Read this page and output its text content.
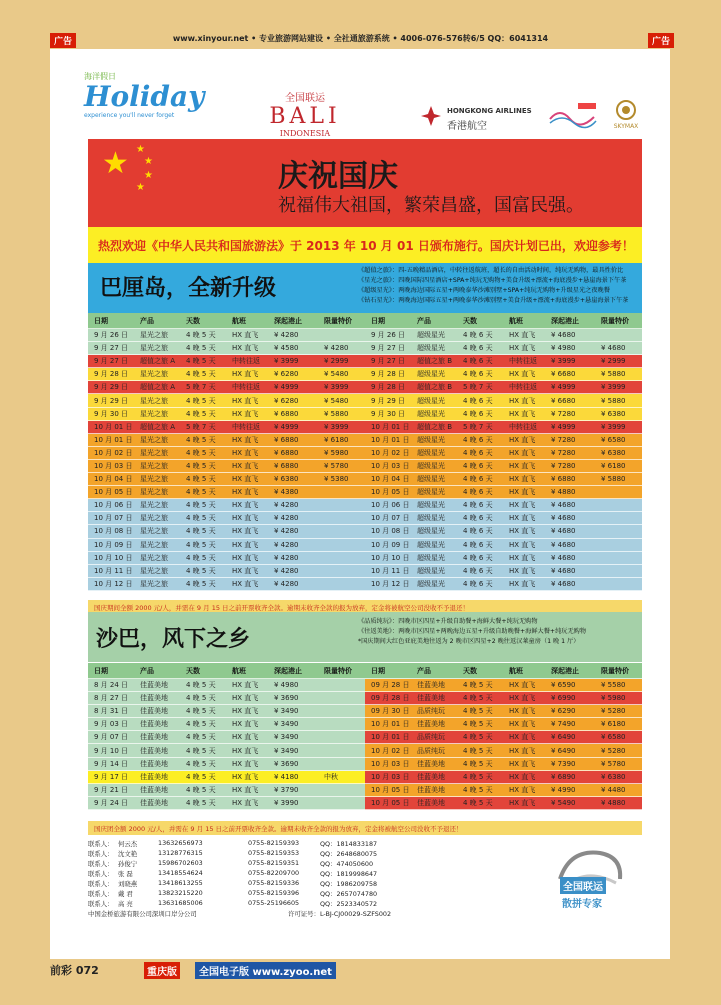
广告	www.xinyour.net • 专业旅游网站建设 • 全社通旅游系统 • 4006-076-576转6/5 QQ：6041314	广告
海洋假日
Holiday
experience you'll never forget
全国联运
BALI
INDONESIA
HONGKONG AIRLINES
香港航空	SKYMAX
★ ★
★
★
★	庆祝国庆
祝福伟大祖国，繁荣昌盛，国富民强。
热烈欢迎《中华人民共和国旅游法》于 2013 年 10 月 01 日颁布施行。国庆计划已出，欢迎参考！
巴厘岛，全新升级
《超值之旅》：四-五晚精品酒店，中转往返航班，超长的自由活动时间，纯玩无购物，最具性价比
《星光之旅》：四晚国际四星酒店+SPA+纯玩无购物+美食升级+漂流+海底漫步+悬崖海景下午茶
《超级星光》：两晚海边国际五星+两晚泰华沙滩别墅+SPA+纯玩无购物+升级星光之夜晚餐
《钻石星光》：两晚海边国际五星+两晚泰华沙滩别墅+美食升级+漂流+海底漫步+悬崖海景下午茶
日期	产品	天数	航班	深起港止	限量特价
9 月 26 日	星光之旅	4 晚 5 天	HX 直飞	¥ 4280
9 月 27 日	星光之旅	4 晚 5 天	HX 直飞	¥ 4580	¥ 4280
9 月 27 日	超值之旅 A	4 晚 5 天	中转往返	¥ 3999	¥ 2999
9 月 28 日	星光之旅	4 晚 5 天	HX 直飞	¥ 6280	¥ 5480
9 月 29 日	超值之旅 A	5 晚 7 天	中转往返	¥ 4999	¥ 3999
9 月 29 日	星光之旅	4 晚 5 天	HX 直飞	¥ 6280	¥ 5480
9 月 30 日	星光之旅	4 晚 5 天	HX 直飞	¥ 6880	¥ 5880
10 月 01 日	超值之旅 A	5 晚 7 天	中转往返	¥ 4999	¥ 3999
10 月 01 日	星光之旅	4 晚 5 天	HX 直飞	¥ 6880	¥ 6180
10 月 02 日	星光之旅	4 晚 5 天	HX 直飞	¥ 6880	¥ 5980
10 月 03 日	星光之旅	4 晚 5 天	HX 直飞	¥ 6880	¥ 5780
10 月 04 日	星光之旅	4 晚 5 天	HX 直飞	¥ 6380	¥ 5380
10 月 05 日	星光之旅	4 晚 5 天	HX 直飞	¥ 4380
10 月 06 日	星光之旅	4 晚 5 天	HX 直飞	¥ 4280
10 月 07 日	星光之旅	4 晚 5 天	HX 直飞	¥ 4280
10 月 08 日	星光之旅	4 晚 5 天	HX 直飞	¥ 4280
10 月 09 日	星光之旅	4 晚 5 天	HX 直飞	¥ 4280
10 月 10 日	星光之旅	4 晚 5 天	HX 直飞	¥ 4280
10 月 11 日	星光之旅	4 晚 5 天	HX 直飞	¥ 4280
10 月 12 日	星光之旅	4 晚 5 天	HX 直飞	¥ 4280
日期	产品	天数	航班	深起港止	限量特价
9 月 26 日	超级星光	4 晚 6 天	HX 直飞	¥ 4680
9 月 27 日	超级星光	4 晚 6 天	HX 直飞	¥ 4980	¥ 4680
9 月 27 日	超值之旅 B	4 晚 6 天	中转往返	¥ 3999	¥ 2999
9 月 28 日	超级星光	4 晚 6 天	HX 直飞	¥ 6680	¥ 5880
9 月 28 日	超值之旅 B	5 晚 7 天	中转往返	¥ 4999	¥ 3999
9 月 29 日	超级星光	4 晚 6 天	HX 直飞	¥ 6680	¥ 5880
9 月 30 日	超级星光	4 晚 6 天	HX 直飞	¥ 7280	¥ 6380
10 月 01 日	超值之旅 B	5 晚 7 天	中转往返	¥ 4999	¥ 3999
10 月 01 日	超级星光	4 晚 6 天	HX 直飞	¥ 7280	¥ 6580
10 月 02 日	超级星光	4 晚 6 天	HX 直飞	¥ 7280	¥ 6380
10 月 03 日	超级星光	4 晚 6 天	HX 直飞	¥ 7280	¥ 6180
10 月 04 日	超级星光	4 晚 6 天	HX 直飞	¥ 6880	¥ 5880
10 月 05 日	超级星光	4 晚 6 天	HX 直飞	¥ 4880
10 月 06 日	超级星光	4 晚 6 天	HX 直飞	¥ 4680
10 月 07 日	超级星光	4 晚 6 天	HX 直飞	¥ 4680
10 月 08 日	超级星光	4 晚 6 天	HX 直飞	¥ 4680
10 月 09 日	超级星光	4 晚 6 天	HX 直飞	¥ 4680
10 月 10 日	超级星光	4 晚 6 天	HX 直飞	¥ 4680
10 月 11 日	超级星光	4 晚 6 天	HX 直飞	¥ 4680
10 月 12 日	超级星光	4 晚 6 天	HX 直飞	¥ 4680
国庆期间全额 2000 元/人，并需在 9 月 15 日之前开票收齐全款。逾期未收齐全款的报为放弃，定金将被航空公司没收不予退还！
沙巴，风下之乡
《品质纯玩》：四晚市区四星+升级自助餐+海鲜大餐+纯玩无购物
《往返美地》：两晚市区四星+两晚海边五星+升级自助晚餐+海鲜大餐+纯玩无购物
*国庆期间大红色亚庇美地往返为 2 晚市区四星+2 晚往返汉莱童房（1 晚 1 厅）
日期	产品	天数	航班	深起港止	限量特价
8 月 24 日	佳蓝美地	4 晚 5 天	HX 直飞	¥ 4980
8 月 27 日	佳蓝美地	4 晚 5 天	HX 直飞	¥ 3690
8 月 31 日	佳蓝美地	4 晚 5 天	HX 直飞	¥ 3490
9 月 03 日	佳蓝美地	4 晚 5 天	HX 直飞	¥ 3490
9 月 07 日	佳蓝美地	4 晚 5 天	HX 直飞	¥ 3490
9 月 10 日	佳蓝美地	4 晚 5 天	HX 直飞	¥ 3490
9 月 14 日	佳蓝美地	4 晚 5 天	HX 直飞	¥ 3690
9 月 17 日	佳蓝美地	4 晚 5 天	HX 直飞	¥ 4180	中秋
9 月 21 日	佳蓝美地	4 晚 5 天	HX 直飞	¥ 3790
9 月 24 日	佳蓝美地	4 晚 5 天	HX 直飞	¥ 3990
日期	产品	天数	航班	深起港止	限量特价
09 月 28 日	佳蓝美地	4 晚 5 天	HX 直飞	¥ 6590	¥ 5580
09 月 28 日	佳蓝美地	4 晚 5 天	HX 直飞	¥ 6990	¥ 5980
09 月 30 日	品质纯玩	4 晚 5 天	HX 直飞	¥ 6290	¥ 5280
10 月 01 日	佳蓝美地	4 晚 5 天	HX 直飞	¥ 7490	¥ 6180
10 月 01 日	品质纯玩	4 晚 5 天	HX 直飞	¥ 6490	¥ 6580
10 月 02 日	品质纯玩	4 晚 5 天	HX 直飞	¥ 6490	¥ 5280
10 月 03 日	佳蓝美地	4 晚 5 天	HX 直飞	¥ 7390	¥ 5780
10 月 03 日	佳蓝美地	4 晚 5 天	HX 直飞	¥ 6890	¥ 6380
10 月 05 日	佳蓝美地	4 晚 5 天	HX 直飞	¥ 4990	¥ 4480
10 月 05 日	佳蓝美地	4 晚 5 天	HX 直飞	¥ 5490	¥ 4880
国庆团全额 2000 元/人，并需在 9 月 15 日之前开票收齐全款。逾期未收齐全款的报为放弃，定金将被航空公司没收不予退还！
联系人： 何云杰	13632656973	0755-82159393	QQ：1814833187
联系人： 沈文艳	13128776315	0755-82159353	QQ：2648680075
联系人： 孙俊宁	15986702603	0755-82159351	QQ：474050600
联系人： 张 磊	13418554624	0755-82209700	QQ：1819998647
联系人： 刘晓燕	13418613255	0755-82159336	QQ：1986209758
联系人： 戴 君	13823215220	0755-82159396	QQ：2657074780
联系人： 高 亮	13631685006	0755-25196605	QQ：2523340572
中国金桥旅游有限公司深圳口岸分公司	许可证号：L-BJ-CJ00029-SZFS002
全国联运
散拼专家
前彩 072	重庆版	全国电子版 www.zyoo.net
